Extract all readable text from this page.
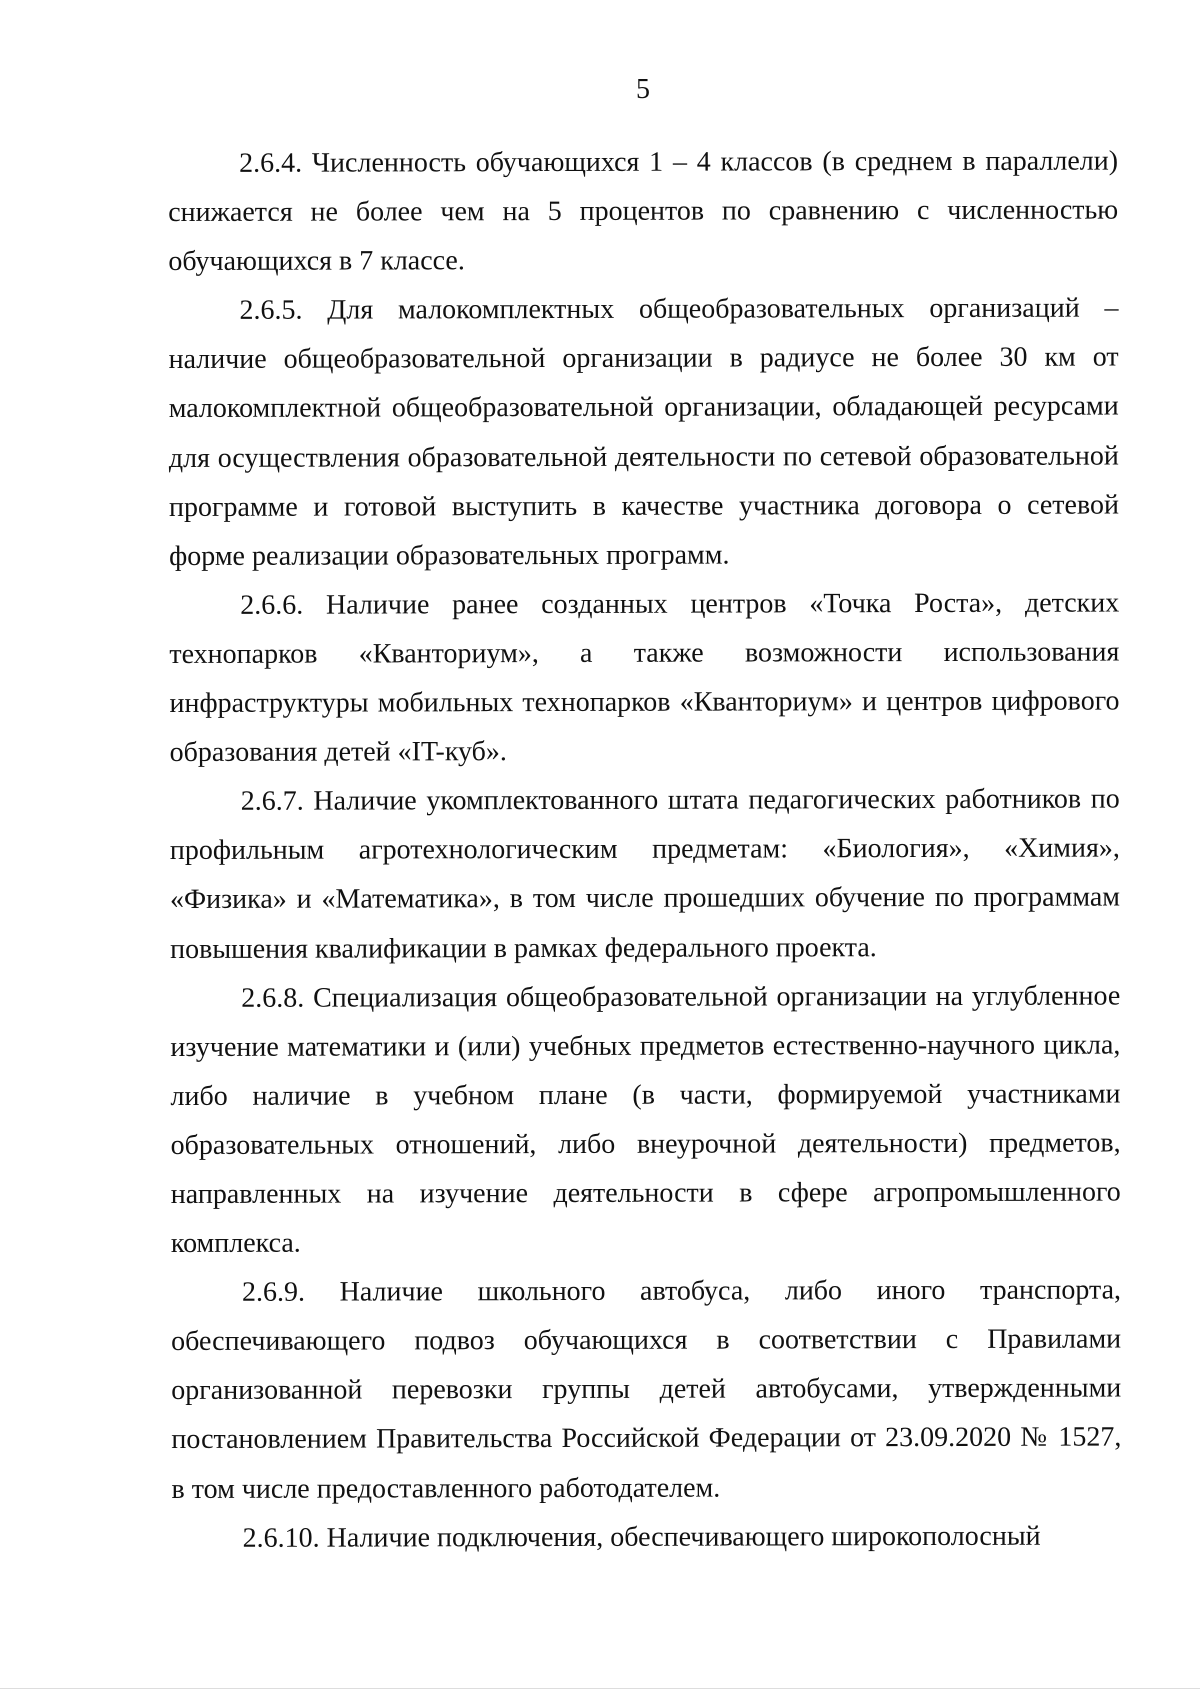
5

2.6.4. Численность обучающихся 1 – 4 классов (в среднем в параллели) снижается не более чем на 5 процентов по сравнению с численностью обучающихся в 7 классе.

2.6.5. Для малокомплектных общеобразовательных организаций – наличие общеобразовательной организации в радиусе не более 30 км от малокомплектной общеобразовательной организации, обладающей ресурсами для осуществления образовательной деятельности по сетевой образовательной программе и готовой выступить в качестве участника договора о сетевой форме реализации образовательных программ.

2.6.6. Наличие ранее созданных центров «Точка Роста», детских технопарков «Кванториум», а также возможности использования инфраструктуры мобильных технопарков «Кванториум» и центров цифрового образования детей «IT-куб».

2.6.7. Наличие укомплектованного штата педагогических работников по профильным агротехнологическим предметам: «Биология», «Химия», «Физика» и «Математика», в том числе прошедших обучение по программам повышения квалификации в рамках федерального проекта.

2.6.8. Специализация общеобразовательной организации на углубленное изучение математики и (или) учебных предметов естественно-научного цикла, либо наличие в учебном плане (в части, формируемой участниками образовательных отношений, либо внеурочной деятельности) предметов, направленных на изучение деятельности в сфере агропромышленного комплекса.

2.6.9. Наличие школьного автобуса, либо иного транспорта, обеспечивающего подвоз обучающихся в соответствии с Правилами организованной перевозки группы детей автобусами, утвержденными постановлением Правительства Российской Федерации от 23.09.2020 № 1527, в том числе предоставленного работодателем.

2.6.10. Наличие подключения, обеспечивающего широкополосный
